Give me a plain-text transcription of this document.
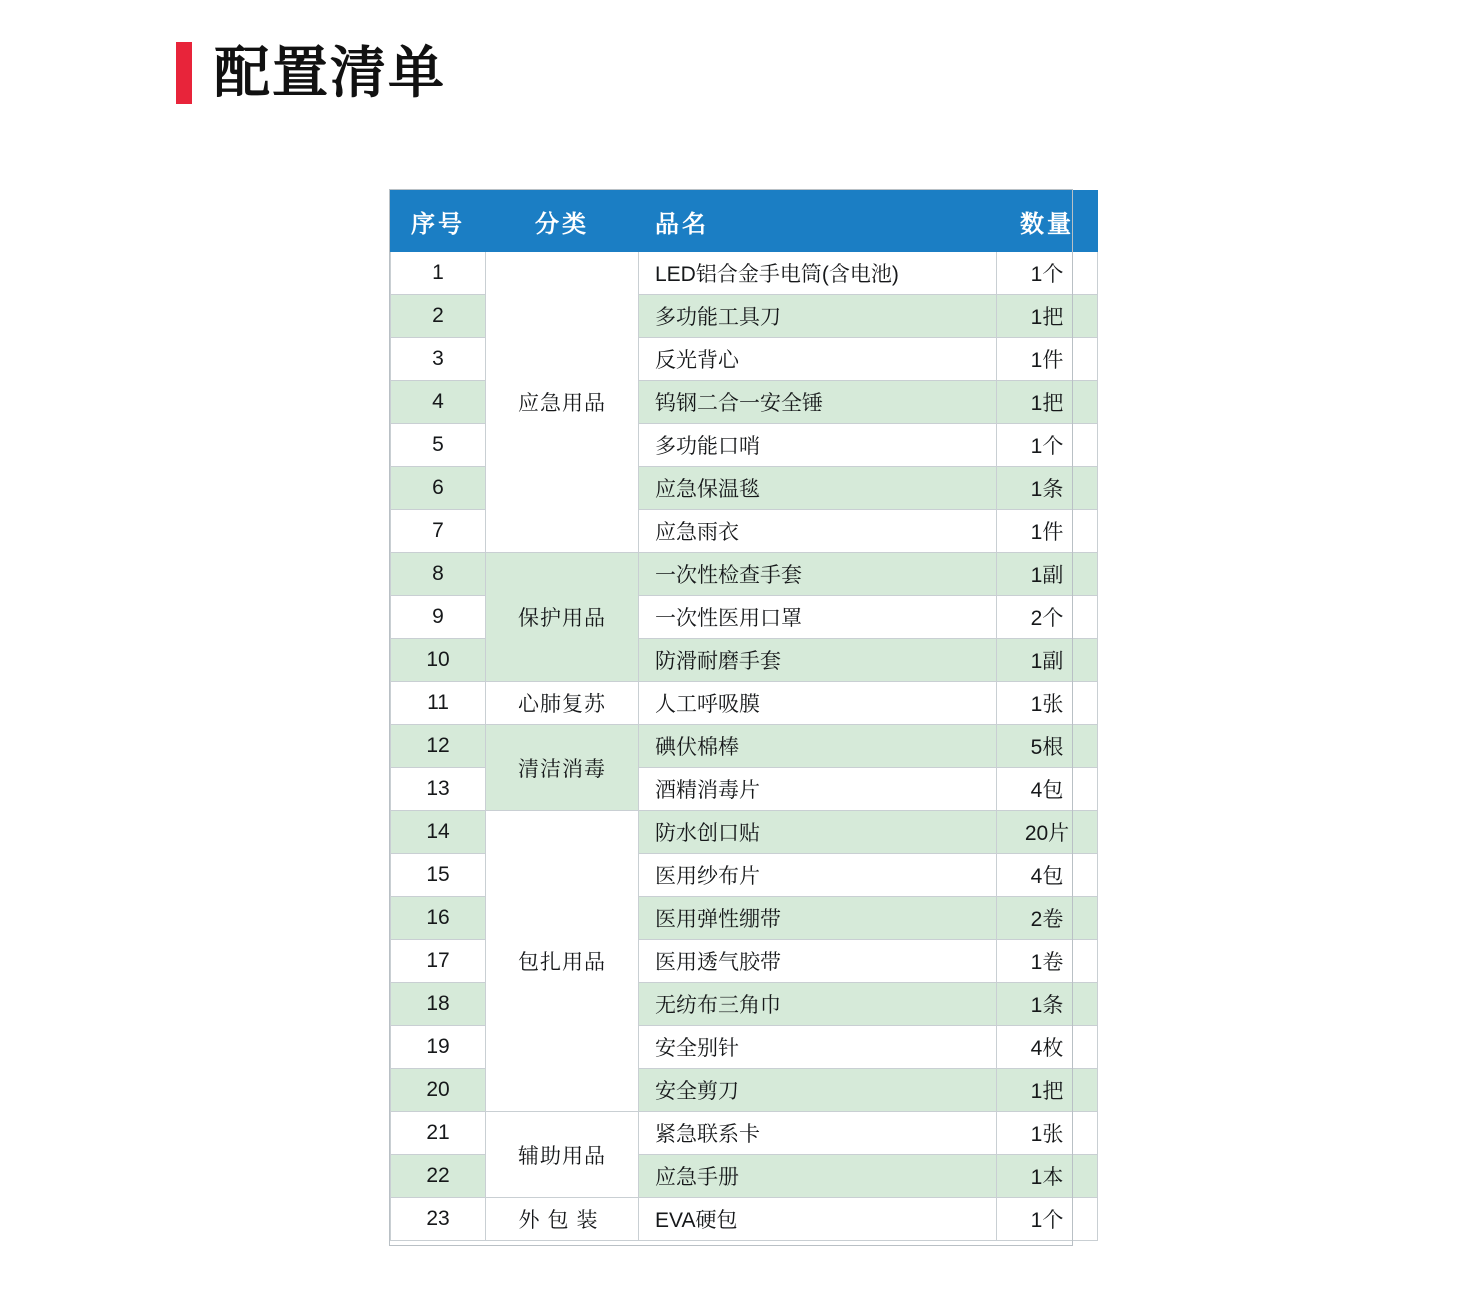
配置清单
序号	分类	品名	数量
1	应急用品	LED铝合金手电筒(含电池)	1个
2		多功能工具刀	1把
3		反光背心	1件
4		钨钢二合一安全锤	1把
5		多功能口哨	1个
6		应急保温毯	1条
7		应急雨衣	1件
8	保护用品	一次性检查手套	1副
9		一次性医用口罩	2个
10		防滑耐磨手套	1副
11	心肺复苏	人工呼吸膜	1张
12	清洁消毒	碘伏棉棒	5根
13		酒精消毒片	4包
14	包扎用品	防水创口贴	20片
15		医用纱布片	4包
16		医用弹性绷带	2卷
17		医用透气胶带	1卷
18		无纺布三角巾	1条
19		安全别针	4枚
20		安全剪刀	1把
21	辅助用品	紧急联系卡	1张
22		应急手册	1本
23	外包装	EVA硬包	1个
